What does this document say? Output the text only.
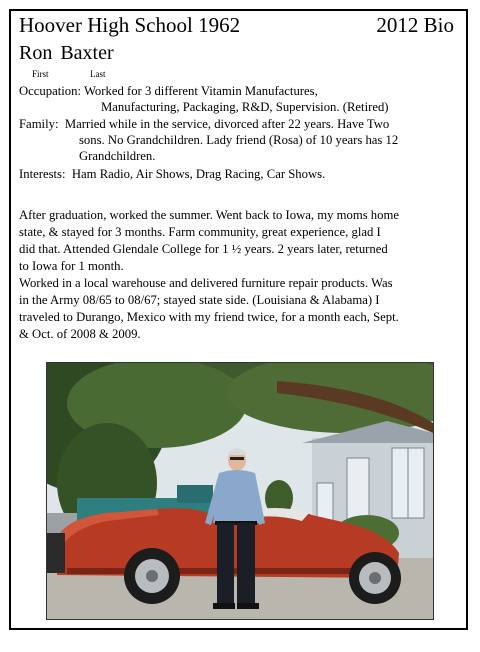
Hoover High School 1962	2012 Bio
Ron Baxter
First	Last
Occupation: Worked for 3 different Vitamin Manufactures,
Manufacturing, Packaging, R&D, Supervision. (Retired)
Family: Married while in the service, divorced after 22 years. Have Two
sons. No Grandchildren. Lady friend (Rosa) of 10 years has 12
Grandchildren.
Interests: Ham Radio, Air Shows, Drag Racing, Car Shows.
After graduation, worked the summer. Went back to Iowa, my moms home
state, & stayed for 3 months. Farm community, great experience, glad I
did that. Attended Glendale College for 1 ½ years. 2 years later, returned
to Iowa for 1 month.
Worked in a local warehouse and delivered furniture repair products. Was
in the Army 08/65 to 08/67; stayed state side. (Louisiana & Alabama) I
traveled to Durango, Mexico with my friend twice, for a month each, Sept.
& Oct. of 2008 & 2009.
